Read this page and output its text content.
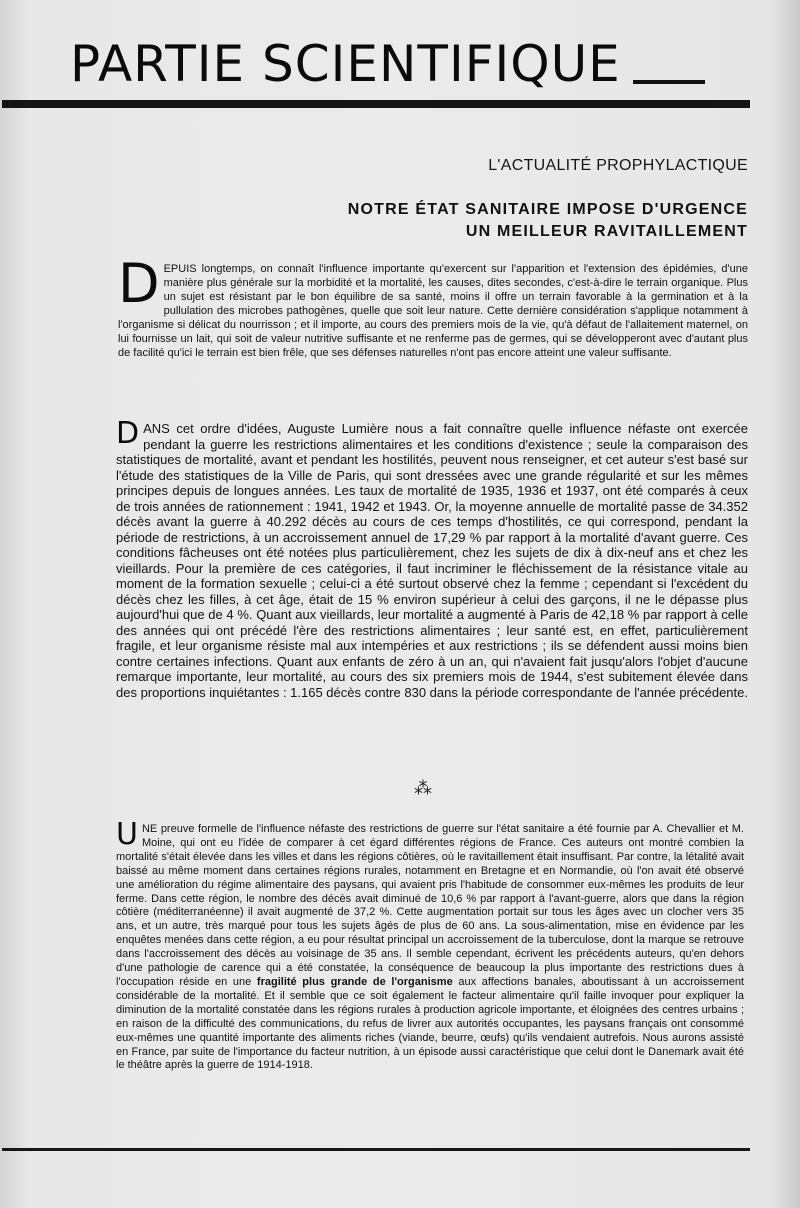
PARTIE SCIENTIFIQUE
L'ACTUALITÉ PROPHYLACTIQUE
NOTRE ÉTAT SANITAIRE IMPOSE D'URGENCE
UN MEILLEUR RAVITAILLEMENT
DEPUIS longtemps, on connaît l'influence importante qu'exercent sur l'apparition et l'extension des épidémies, d'une manière plus générale sur la morbidité et la mortalité, les causes, dites secondes, c'est-à-dire le terrain organique. Plus un sujet est résistant par le bon équilibre de sa santé, moins il offre un terrain favorable à la germination et à la pullulation des microbes pathogènes, quelle que soit leur nature. Cette dernière considération s'applique notamment à l'organisme si délicat du nourrisson ; et il importe, au cours des premiers mois de la vie, qu'à défaut de l'allaitement maternel, on lui fournisse un lait, qui soit de valeur nutritive suffisante et ne renferme pas de germes, qui se développeront avec d'autant plus de facilité qu'ici le terrain est bien frêle, que ses défenses naturelles n'ont pas encore atteint une valeur suffisante.
DANS cet ordre d'idées, Auguste Lumière nous a fait connaître quelle influence néfaste ont exercée pendant la guerre les restrictions alimentaires et les conditions d'existence ; seule la comparaison des statistiques de mortalité, avant et pendant les hostilités, peuvent nous renseigner, et cet auteur s'est basé sur l'étude des statistiques de la Ville de Paris, qui sont dressées avec une grande régularité et sur les mêmes principes depuis de longues années. Les taux de mortalité de 1935, 1936 et 1937, ont été comparés à ceux de trois années de rationnement : 1941, 1942 et 1943. Or, la moyenne annuelle de mortalité passe de 34.352 décès avant la guerre à 40.292 décès au cours de ces temps d'hostilités, ce qui correspond, pendant la période de restrictions, à un accroissement annuel de 17,29 % par rapport à la mortalité d'avant guerre. Ces conditions fâcheuses ont été notées plus particulièrement, chez les sujets de dix à dix-neuf ans et chez les vieillards. Pour la première de ces catégories, il faut incriminer le fléchissement de la résistance vitale au moment de la formation sexuelle ; celui-ci a été surtout observé chez la femme ; cependant si l'excédent du décès chez les filles, à cet âge, était de 15 % environ supérieur à celui des garçons, il ne le dépasse plus aujourd'hui que de 4 %. Quant aux vieillards, leur mortalité a augmenté à Paris de 42,18 % par rapport à celle des années qui ont précédé l'ère des restrictions alimentaires ; leur santé est, en effet, particulièrement fragile, et leur organisme résiste mal aux intempéries et aux restrictions ; ils se défendent aussi moins bien contre certaines infections. Quant aux enfants de zéro à un an, qui n'avaient fait jusqu'alors l'objet d'aucune remarque importante, leur mortalité, au cours des six premiers mois de 1944, s'est subitement élevée dans des proportions inquiétantes : 1.165 décès contre 830 dans la période correspondante de l'année précédente.
⁂
UNE preuve formelle de l'influence néfaste des restrictions de guerre sur l'état sanitaire a été fournie par A. Chevallier et M. Moine, qui ont eu l'idée de comparer à cet égard différentes régions de France. Ces auteurs ont montré combien la mortalité s'était élevée dans les villes et dans les régions côtières, où le ravitaillement était insuffisant. Par contre, la létalité avait baissé au même moment dans certaines régions rurales, notamment en Bretagne et en Normandie, où l'on avait été observé une amélioration du régime alimentaire des paysans, qui avaient pris l'habitude de consommer eux-mêmes les produits de leur ferme. Dans cette région, le nombre des décès avait diminué de 10,6 % par rapport à l'avant-guerre, alors que dans la région côtière (méditerranéenne) il avait augmenté de 37,2 %. Cette augmentation portait sur tous les âges avec un clocher vers 35 ans, et un autre, très marqué pour tous les sujets âgés de plus de 60 ans. La sous-alimentation, mise en évidence par les enquêtes menées dans cette région, a eu pour résultat principal un accroissement de la tuberculose, dont la marque se retrouve dans l'accroissement des décès au voisinage de 35 ans. Il semble cependant, écrivent les précédents auteurs, qu'en dehors d'une pathologie de carence qui a été constatée, la conséquence de beaucoup la plus importante des restrictions dues à l'occupation réside en une fragilité plus grande de l'organisme aux affections banales, aboutissant à un accroissement considérable de la mortalité. Et il semble que ce soit également le facteur alimentaire qu'il faille invoquer pour expliquer la diminution de la mortalité constatée dans les régions rurales à production agricole importante, et éloignées des centres urbains ; en raison de la difficulté des communications, du refus de livrer aux autorités occupantes, les paysans français ont consommé eux-mêmes une quantité importante des aliments riches (viande, beurre, œufs) qu'ils vendaient autrefois. Nous aurons assisté en France, par suite de l'importance du facteur nutrition, à un épisode aussi caractéristique que celui dont le Danemark avait été le théâtre après la guerre de 1914-1918.
